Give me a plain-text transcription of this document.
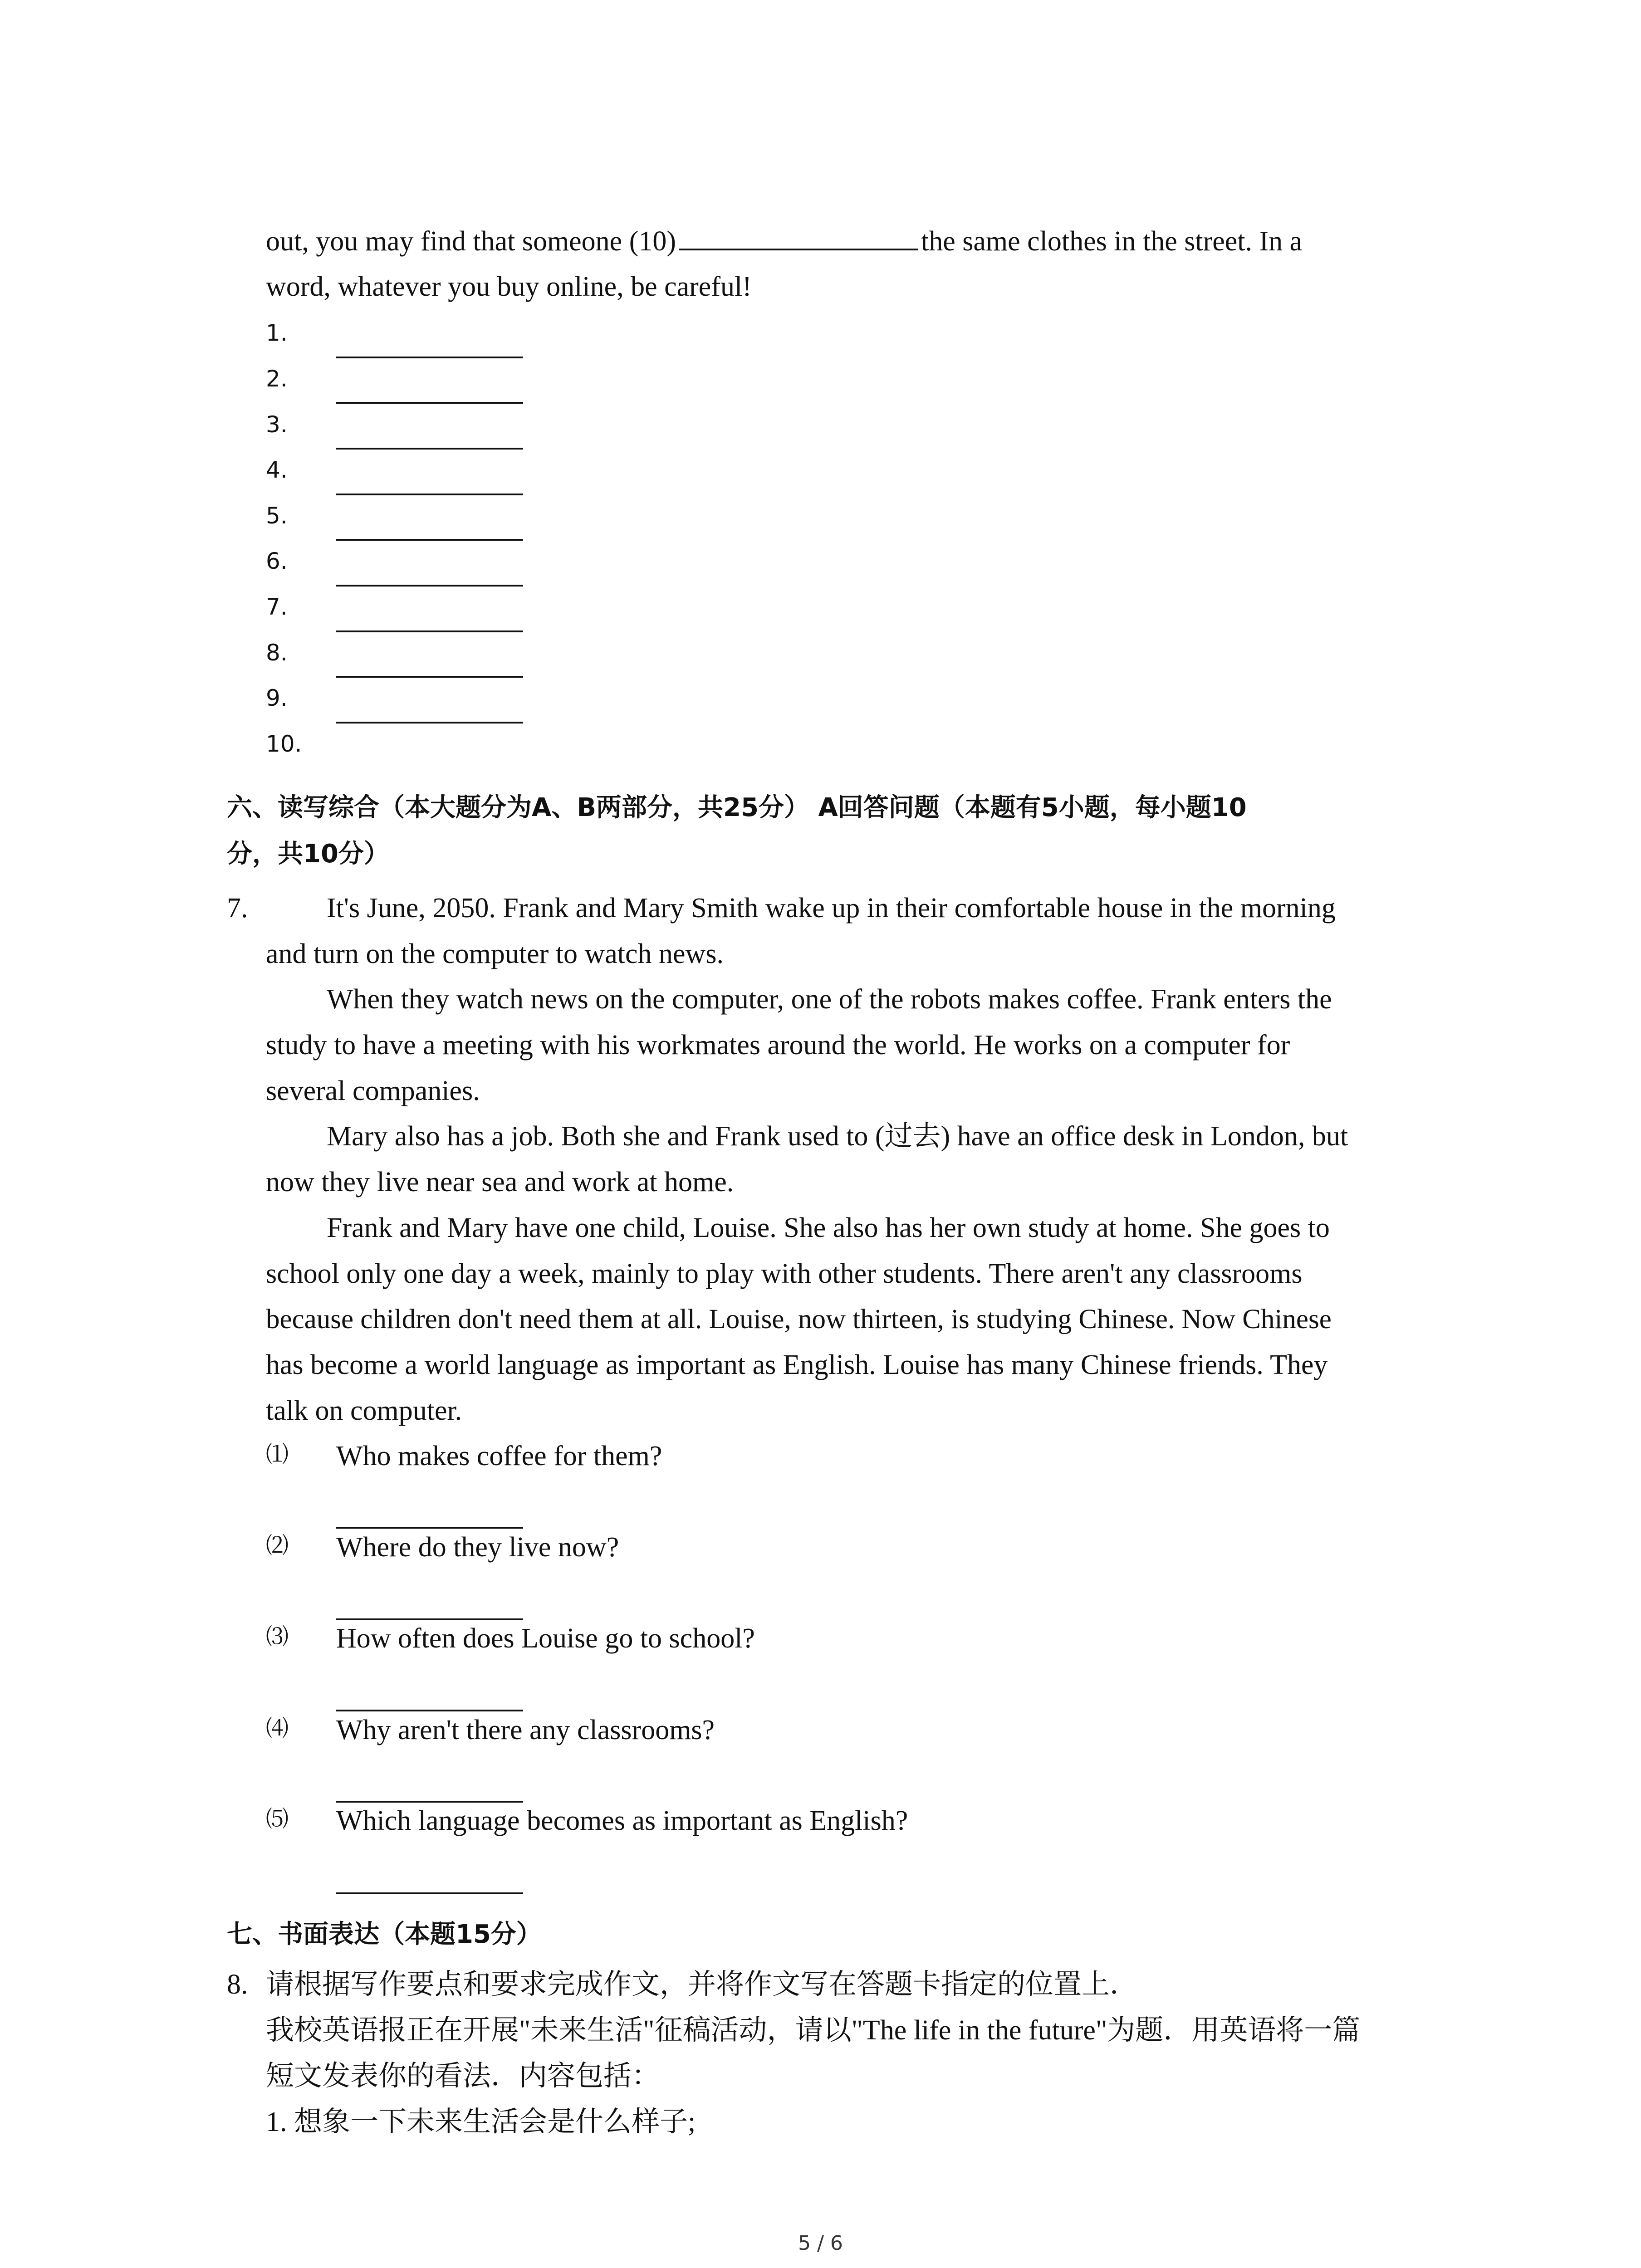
out, you may find that someone (10)	the same clothes in the street. In a
word, whatever you buy online, be careful!
1.
2.
3.
4.
5.
6.
7.
8.
9.
10.
六、读写综合（本大题分为A、B两部分，共25分） A回答问题（本题有5小题，每小题10
分，共10分）
7.	It's June, 2050. Frank and Mary Smith wake up in their comfortable house in the morning
and turn on the computer to watch news.
When they watch news on the computer, one of the robots makes coffee. Frank enters the
study to have a meeting with his workmates around the world. He works on a computer for
several companies.
Mary also has a job. Both she and Frank used to (过去) have an office desk in London, but
now they live near sea and work at home.
Frank and Mary have one child, Louise. She also has her own study at home. She goes to
school only one day a week, mainly to play with other students. There aren't any classrooms
because children don't need them at all. Louise, now thirteen, is studying Chinese. Now Chinese
has become a world language as important as English. Louise has many Chinese friends. They
talk on computer.
⑴ Who makes coffee for them?
⑵ Where do they live now?
⑶ How often does Louise go to school?
⑷ Why aren't there any classrooms?
⑸ Which language becomes as important as English?
七、书面表达（本题15分）
8. 请根据写作要点和要求完成作文，并将作文写在答题卡指定的位置上．
我校英语报正在开展"未来生活"征稿活动，请以"The life in the future"为题．用英语将一篇
短文发表你的看法．内容包括：
1. 想象一下未来生活会是什么样子;
5 / 6
